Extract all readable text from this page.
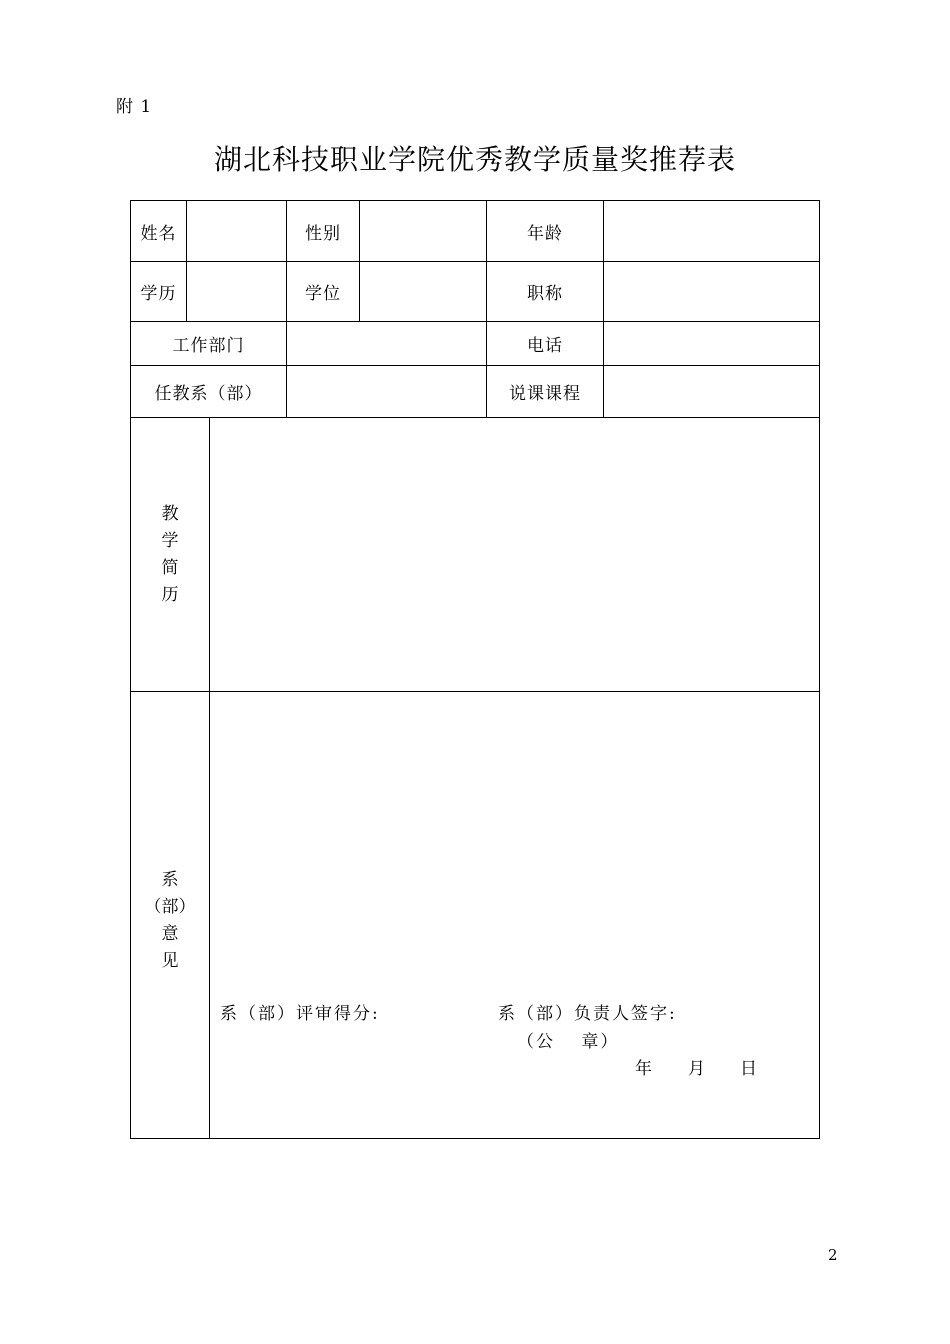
附 1
湖北科技职业学院优秀教学质量奖推荐表
姓名	性别	年龄
学历	学位	职称
工作部门	电话
任教系（部）	说课课程
教
学
简
历
系
（部）
意
见
系（部）评审得分:	系（部）负责人签字:
（公　 章）
年 月 日
2
